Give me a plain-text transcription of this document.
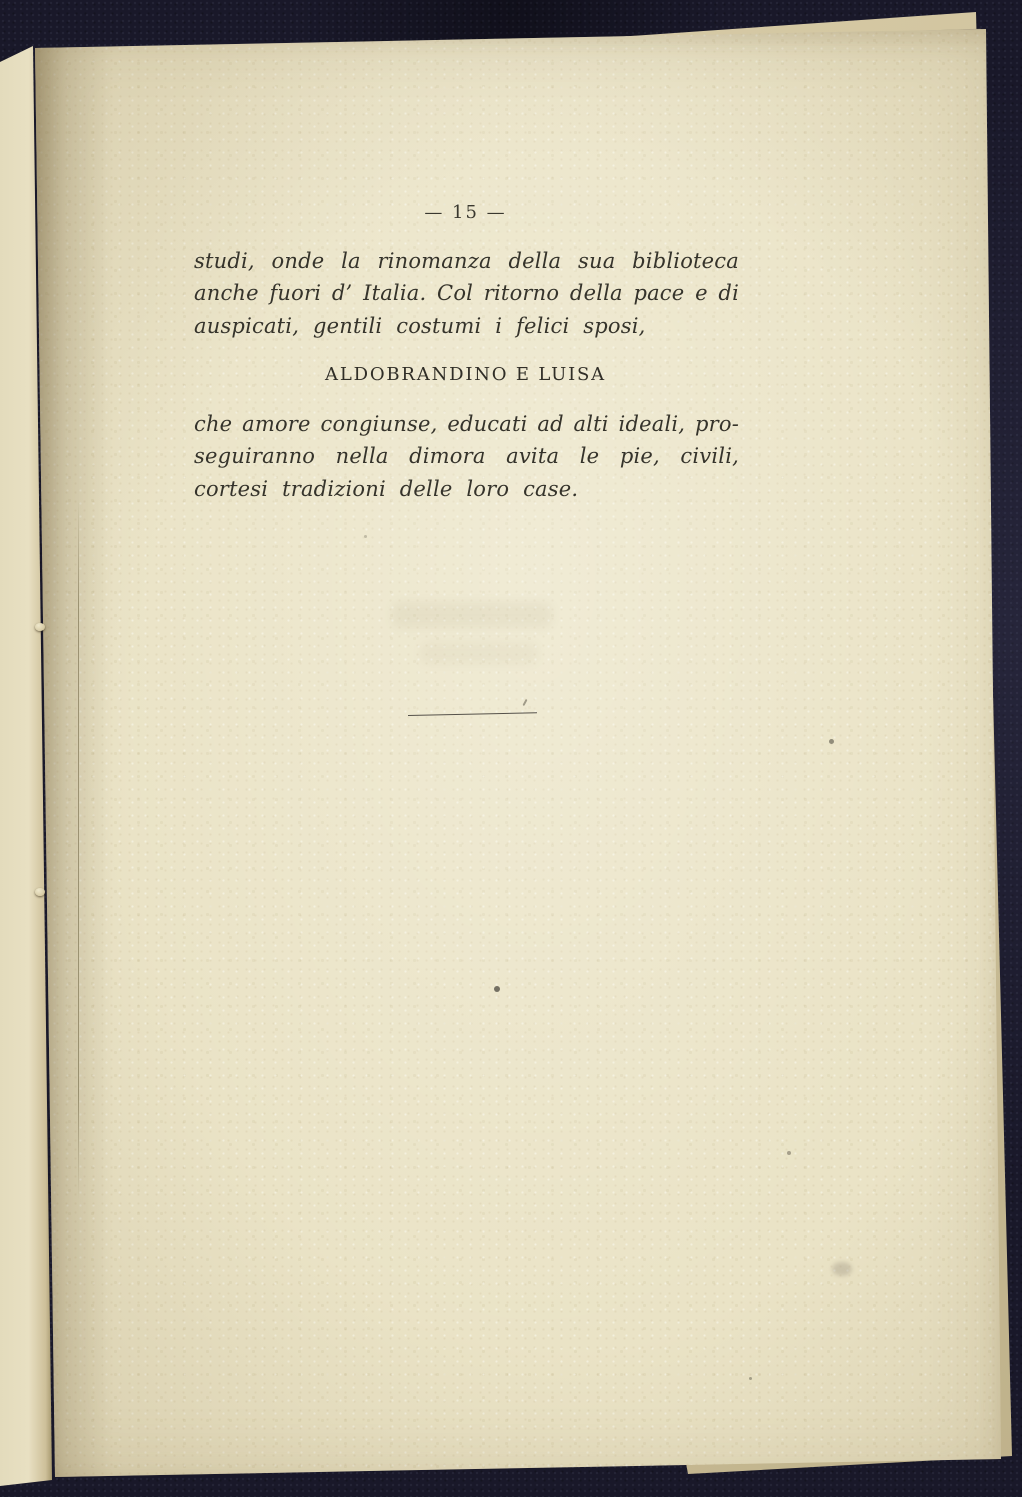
— 15 —
studi, onde la rinomanza della sua biblioteca
anche fuori d’ Italia. Col ritorno della pace e di
auspicati, gentili costumi i felici sposi,
ALDOBRANDINO E LUISA
che amore congiunse, educati ad alti ideali, pro-
seguiranno nella dimora avita le pie, civili,
cortesi tradizioni delle loro case.
